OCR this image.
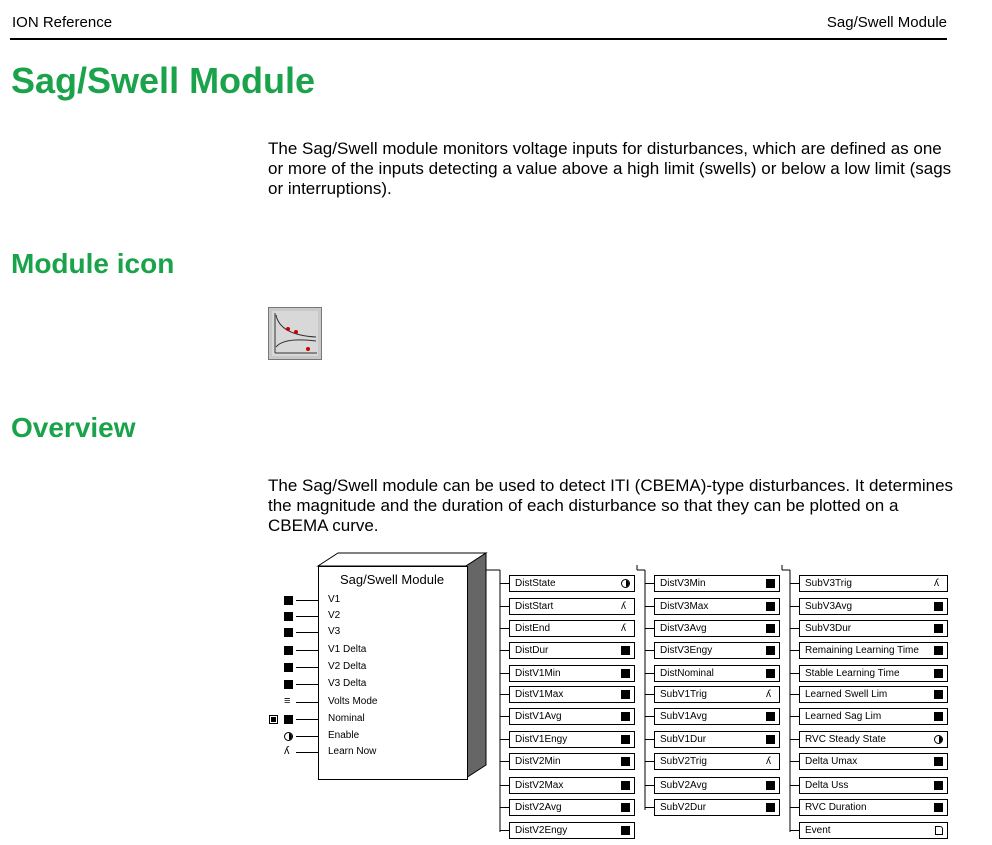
ION Reference	Sag/Swell Module
Sag/Swell Module
The Sag/Swell module monitors voltage inputs for disturbances, which are defined as one or more of the inputs detecting a value above a high limit (swells) or below a low limit (sags or interruptions).
Module icon
Overview
The Sag/Swell module can be used to detect ITI (CBEMA)-type disturbances. It determines the magnitude and the duration of each disturbance so that they can be plotted on a CBEMA curve.
Sag/Swell Module
V1
V2
V3
V1 Delta
V2 Delta
V3 Delta
Volts Mode
≡
Nominal
Enable
Learn Now
ʎ
DistState
DistStart	ʎ
DistEnd	ʎ
DistDur
DistV1Min
DistV1Max
DistV1Avg
DistV1Engy
DistV2Min
DistV2Max
DistV2Avg
DistV2Engy
DistV3Min
DistV3Max
DistV3Avg
DistV3Engy
DistNominal
SubV1Trig	ʎ
SubV1Avg
SubV1Dur
SubV2Trig	ʎ
SubV2Avg
SubV2Dur
SubV3Trig	ʎ
SubV3Avg
SubV3Dur
Remaining Learning Time
Stable Learning Time
Learned Swell Lim
Learned Sag Lim
RVC Steady State
Delta Umax
Delta Uss
RVC Duration
Event
